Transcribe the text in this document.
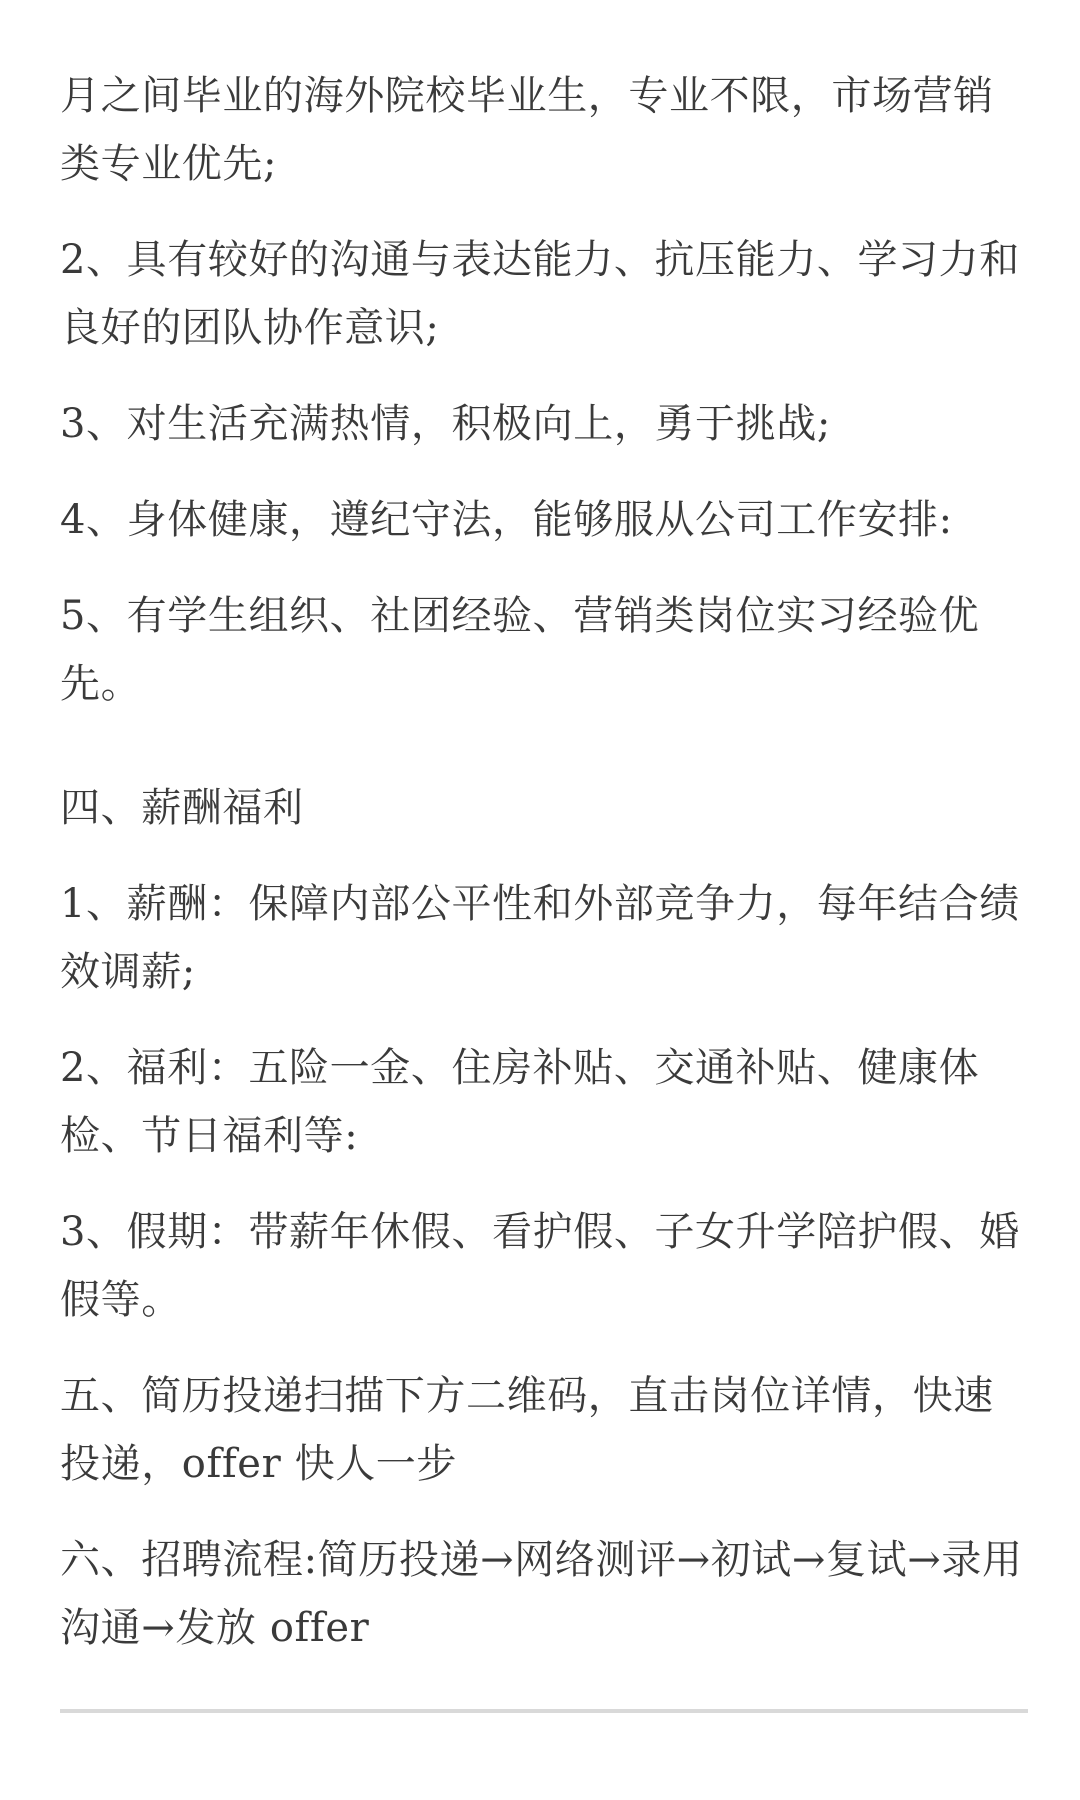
月之间毕业的海外院校毕业生，专业不限，市场营销类专业优先;

2、具有较好的沟通与表达能力、抗压能力、学习力和良好的团队协作意识;

3、对生活充满热情，积极向上，勇于挑战;

4、身体健康，遵纪守法，能够服从公司工作安排:

5、有学生组织、社团经验、营销类岗位实习经验优先。

四、薪酬福利

1、薪酬：保障内部公平性和外部竞争力，每年结合绩效调薪;

2、福利：五险一金、住房补贴、交通补贴、健康体检、节日福利等:

3、假期：带薪年休假、看护假、子女升学陪护假、婚假等。

五、简历投递扫描下方二维码，直击岗位详情，快速投递，offer 快人一步

六、招聘流程:简历投递→网络测评→初试→复试→录用沟通→发放 offer
